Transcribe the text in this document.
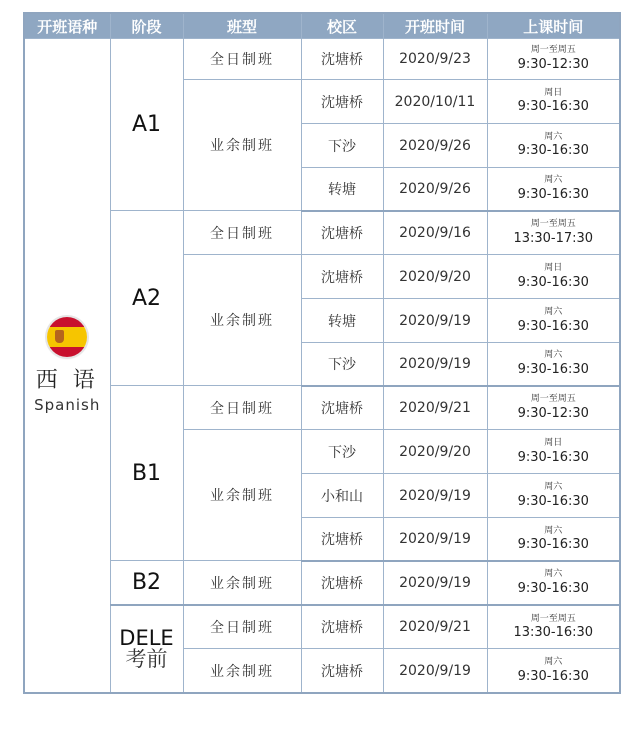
开班语种	阶段	班型	校区	开班时间	上课时间

西 语
Spanish	A1	全日制班	沈塘桥	2020/9/23	周一至周五
9:30-12:30

		业余制班	沈塘桥	2020/10/11	周日
9:30-16:30

			下沙	2020/9/26	周六
9:30-16:30

			转塘	2020/9/26	周六
9:30-16:30

	A2	全日制班	沈塘桥	2020/9/16	周一至周五
13:30-17:30

		业余制班	沈塘桥	2020/9/20	周日
9:30-16:30

			转塘	2020/9/19	周六
9:30-16:30

			下沙	2020/9/19	周六
9:30-16:30

	B1	全日制班	沈塘桥	2020/9/21	周一至周五
9:30-12:30

		业余制班	下沙	2020/9/20	周日
9:30-16:30

			小和山	2020/9/19	周六
9:30-16:30

			沈塘桥	2020/9/19	周六
9:30-16:30

	B2	业余制班	沈塘桥	2020/9/19	周六
9:30-16:30

	DELE
考前	全日制班	沈塘桥	2020/9/21	周一至周五
13:30-16:30

		业余制班	沈塘桥	2020/9/19	周六
9:30-16:30
